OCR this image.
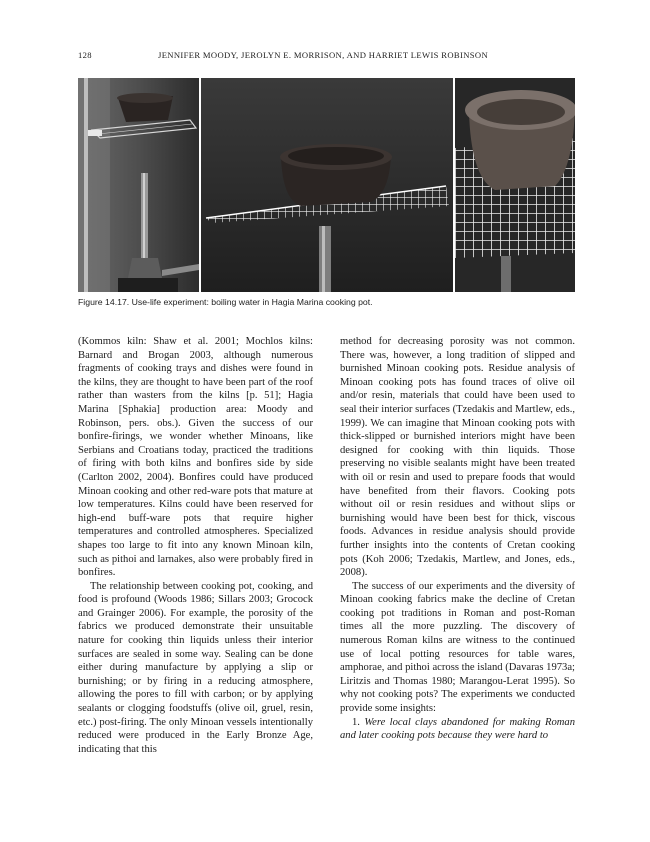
128	JENNIFER MOODY, JEROLYN E. MORRISON, AND HARRIET LEWIS ROBINSON
Figure 14.17. Use-life experiment: boiling water in Hagia Marina cooking pot.

(Kommos kiln: Shaw et al. 2001; Mochlos kilns: Barnard and Brogan 2003, although numerous fragments of cooking trays and dishes were found in the kilns, they are thought to have been part of the roof rather than wasters from the kilns [p. 51]; Hagia Marina [Sphakia] production area: Moody and Robinson, pers. obs.). Given the success of our bonfire-firings, we wonder whether Minoans, like Serbians and Croatians today, practiced the traditions of firing with both kilns and bonfires side by side (Carlton 2002, 2004). Bonfires could have produced Minoan cooking and other red-ware pots that mature at low temperatures. Kilns could have been reserved for high-end buff-ware pots that require higher temperatures and controlled atmospheres. Specialized shapes too large to fit into any known Minoan kiln, such as pithoi and larnakes, also were probably fired in bonfires.

The relationship between cooking pot, cooking, and food is profound (Woods 1986; Sillars 2003; Grocock and Grainger 2006). For example, the porosity of the fabrics we produced demonstrate their unsuitable nature for cooking thin liquids unless their interior surfaces are sealed in some way. Sealing can be done either during manufacture by applying a slip or burnishing; or by firing in a reducing atmosphere, allowing the pores to fill with carbon; or by applying sealants or clogging foodstuffs (olive oil, gruel, resin, etc.) post-firing. The only Minoan vessels intentionally reduced were produced in the Early Bronze Age, indicating that this

method for decreasing porosity was not common. There was, however, a long tradition of slipped and burnished Minoan cooking pots. Residue analysis of Minoan cooking pots has found traces of olive oil and/or resin, materials that could have been used to seal their interior surfaces (Tzedakis and Martlew, eds., 1999). We can imagine that Minoan cooking pots with thick-slipped or burnished interiors might have been designed for cooking with thin liquids. Those preserving no visible sealants might have been treated with oil or resin and used to prepare foods that would have benefited from their flavors. Cooking pots without oil or resin residues and without slips or burnishing would have been best for thick, viscous foods. Advances in residue analysis should provide further insights into the contents of Cretan cooking pots (Koh 2006; Tzedakis, Martlew, and Jones, eds., 2008).

The success of our experiments and the diversity of Minoan cooking fabrics make the decline of Cretan cooking pot traditions in Roman and post-Roman times all the more puzzling. The discovery of numerous Roman kilns are witness to the continued use of local potting resources for table wares, amphorae, and pithoi across the island (Davaras 1973a; Liritzis and Thomas 1980; Marangou-Lerat 1995). So why not cooking pots? The experiments we conducted provide some insights:

1. Were local clays abandoned for making Roman and later cooking pots because they were hard to
